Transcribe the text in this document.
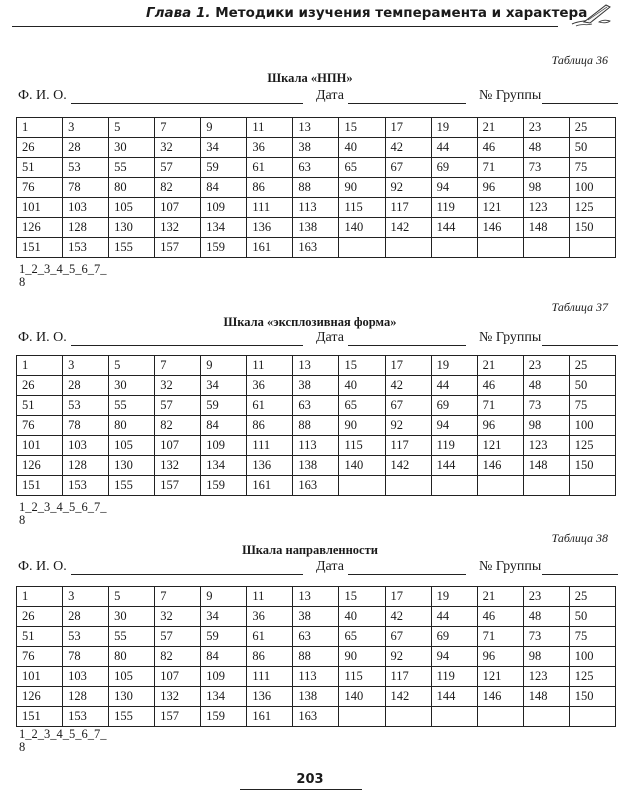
Глава 1. Методики изучения темперамента и характера
Таблица 36
Шкала «НПН»
Ф. И. О.	Дата	№ Группы
1	3	5	7	9	11	13	15	17	19	21	23	25
26	28	30	32	34	36	38	40	42	44	46	48	50
51	53	55	57	59	61	63	65	67	69	71	73	75
76	78	80	82	84	86	88	90	92	94	96	98	100
101	103	105	107	109	111	113	115	117	119	121	123	125
126	128	130	132	134	136	138	140	142	144	146	148	150
151	153	155	157	159	161	163						
1_2_3_4_5_6_7_
8
Таблица 37
Шкала «эксплозивная форма»
Ф. И. О.	Дата	№ Группы
1	3	5	7	9	11	13	15	17	19	21	23	25
26	28	30	32	34	36	38	40	42	44	46	48	50
51	53	55	57	59	61	63	65	67	69	71	73	75
76	78	80	82	84	86	88	90	92	94	96	98	100
101	103	105	107	109	111	113	115	117	119	121	123	125
126	128	130	132	134	136	138	140	142	144	146	148	150
151	153	155	157	159	161	163						
1_2_3_4_5_6_7_
8
Таблица 38
Шкала направленности
Ф. И. О.	Дата	№ Группы
1	3	5	7	9	11	13	15	17	19	21	23	25
26	28	30	32	34	36	38	40	42	44	46	48	50
51	53	55	57	59	61	63	65	67	69	71	73	75
76	78	80	82	84	86	88	90	92	94	96	98	100
101	103	105	107	109	111	113	115	117	119	121	123	125
126	128	130	132	134	136	138	140	142	144	146	148	150
151	153	155	157	159	161	163						
1_2_3_4_5_6_7_
8
203
